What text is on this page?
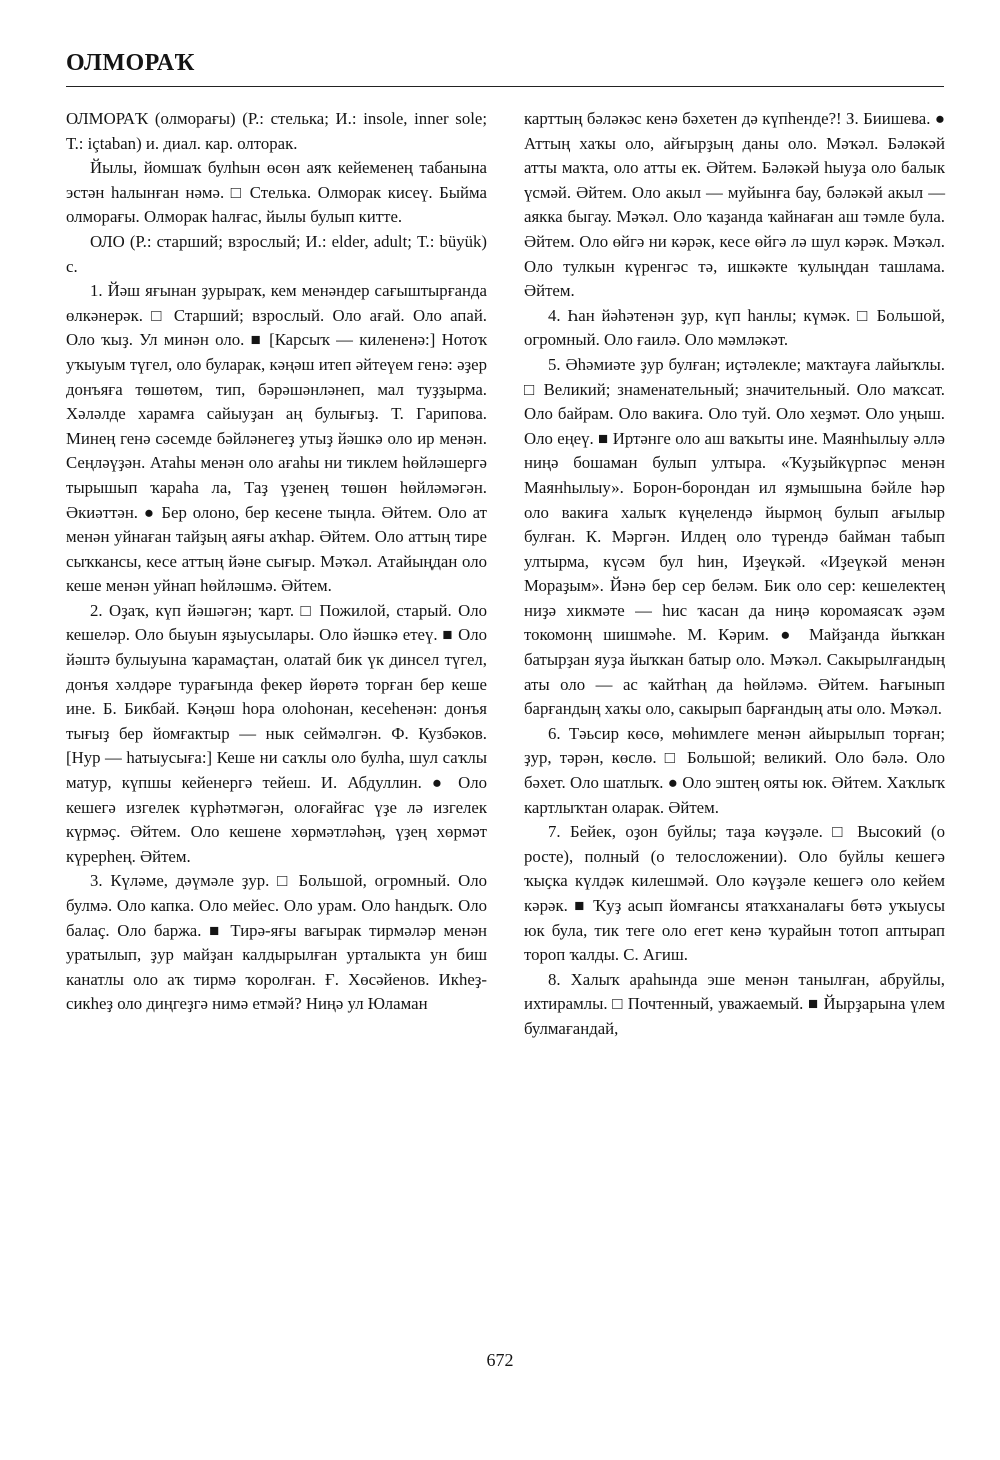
ОЛМОРАҠ

ОЛМОРАҠ (олморағы) (Р.: стелька; И.: insole, inner sole; Т.: içtaban) и. диал. кар. олторак.

Йылы, йомшаҡ булһын өсөн аяҡ кейеменең табанына эстән һалынған нәмә. □ Стелька. Олморак кисеү. Быйма олморағы. Олморак һалғас, йылы булып китте.

ОЛО (Р.: старший; взрослый; И.: elder, adult; Т.: büyük) с.

1. Йәш яғынан ҙурыраҡ, кем менәндер сағыштырғанда өлкәнерәк. □ Старший; взрослый. Оло ағай. Оло апай. Оло ҡыҙ. Ул минән оло. ■ [Карсыҡ — килененә:] Нотоҡ уҡыуым түгел, оло буларак, кәңәш итеп әйтеүем генә: әҙер донъяға төшөтөм, тип, бәрәшәнләнеп, мал туҙҙырма. Хәләлде харамға сайыуҙан аң булығыҙ. Т. Гарипова. Минең генә сәсемде бәйләнегеҙ утыҙ йәшкә оло ир менән. Сеңләүҙән. Атаһы менән оло ағаһы ни тиклем һөйләшергә тырышып ҡараһа ла, Таҙ үҙенең төшөн һөйләмәгән. Әкиәттән. ● Бер олоно, бер кесене тыңла. Әйтем. Оло ат менән уйнаған тайҙың аяғы аҡһар. Әйтем. Оло аттың тире сыҡкансы, кесе аттың йәне сығыр. Мәҡәл. Атайыңдан оло кеше менән уйнап һөйләшмә. Әйтем.

2. Оҙаҡ, күп йәшәгән; ҡарт. □ Пожилой, старый. Оло кешеләр. Оло быуын яҙыусылары. Оло йәшкә етеү. ■ Оло йәштә булыуына ҡарамаҫтан, олатай бик үк динсел түгел, донъя хәлдәре турағында фекер йөрөтә торған бер кеше ине. Б. Бикбай. Кәңәш һора олоһонан, кесеһенән: донъя тығыҙ бер йомғактыр — нык сеймәлгән. Ф. Кузбәков. [Нур — һатыусыға:] Кеше ни саҡлы оло булһа, шул саҡлы матур, күпшы кейенергә тейеш. И. Абдуллин. ● Оло кешегә изгелек күрһәтмәгән, олоғайғас үҙе лә изгелек күрмәҫ. Әйтем. Оло кешене хөрмәтләһәң, үҙең хөрмәт күрерһең. Әйтем.

3. Күләме, дәүмәле ҙур. □ Большой, огромный. Оло булмә. Оло капка. Оло мейес. Оло урам. Оло һандыҡ. Оло балаҫ. Оло баржа. ■ Тирә-яғы вағырак тирмәләр менән уратылып, ҙур майҙан калдырылған урталыкта ун биш канатлы оло аҡ тирмә ҡоролған. Ғ. Хөсәйенов. Икһеҙ-сикһеҙ оло диңгеҙгә нимә етмәй? Ниңә ул Юламан

карттың бәләкәс кенә бәхетен дә күпһенде?! З. Биишева. ● Аттың хаҡы оло, айғырҙың даны оло. Мәҡәл. Бәләкәй атты маҡта, оло атты ек. Әйтем. Бәләкәй һыуҙа оло балык үсмәй. Әйтем. Оло акыл — муйынға бау, бәләкәй акыл — аякка быгау. Мәҡәл. Оло ҡаҙанда ҡайнаған аш тәмле була. Әйтем. Оло өйгә ни кәрәк, кесе өйгә лә шул кәрәк. Мәҡәл. Оло тулкын күренгәс тә, ишкәкте ҡулыңдан ташлама. Әйтем.

4. Һан йәһәтенән ҙур, күп һанлы; күмәк. □ Большой, огромный. Оло ғаилә. Оло мәмләкәт.

5. Әһәмиәте ҙур булған; иҫтәлекле; маҡтауға лайыҡлы. □ Великий; знаменательный; значительный. Оло маҡсат. Оло байрам. Оло вакиға. Оло туй. Оло хеҙмәт. Оло уңыш. Оло еңеү. ■ Иртәнге оло аш ваҡыты ине. Маянһылыу әллә ниңә бошаман булып ултыра. «Ҡуҙыйкүрпәс менән Маянһылыу». Борон-борондан ил яҙмышына бәйле һәр оло вакиға халыҡ күңелендә йырмоң булып ағылыр булған. К. Мәргән. Илдең оло түрендә байман табып ултырма, күсәм бул һин, Иҙеүкәй. «Иҙеүкәй менән Мораҙым». Йәнә бер сер беләм. Бик оло сер: кешелектең ниҙә хикмәте — һис ҡасан да ниңә коромаясаҡ әҙәм токомонң шишмәһе. М. Кәрим. ● Майҙанда йыҡкан батырҙан яуҙа йыҡкан батыр оло. Мәҡәл. Сакырылғандың аты оло — ас ҡайтһаң да һөйләмә. Әйтем. Һағынып барғандың хаҡы оло, сакырып барғандың аты оло. Мәҡәл.

6. Тәьсир көсө, мөһимлеге менән айырылып торған; ҙур, тәрән, көслө. □ Большой; великий. Оло бәлә. Оло бәхет. Оло шатлыҡ. ● Оло эштең ояты юк. Әйтем. Хаҡлыҡ картлыҡтан оларак. Әйтем.

7. Бейек, оҙон буйлы; таҙа кәүҙәле. □ Высокий (о росте), полный (о телосложении). Оло буйлы кешегә ҡыҫка күлдәк килешмәй. Оло кәүҙәле кешегә оло кейем кәрәк. ■ Ҡуҙ асып йомғансы ятаҡханалағы бөтә уҡыусы юк була, тик теге оло егет кенә ҡурайын тотоп аптырап тороп ҡалды. С. Агиш.

8. Халыҡ араһында эше менән танылған, абруйлы, ихтирамлы. □ Почтенный, уважаемый. ■ Йырҙарына үлем булмағандай,

672
